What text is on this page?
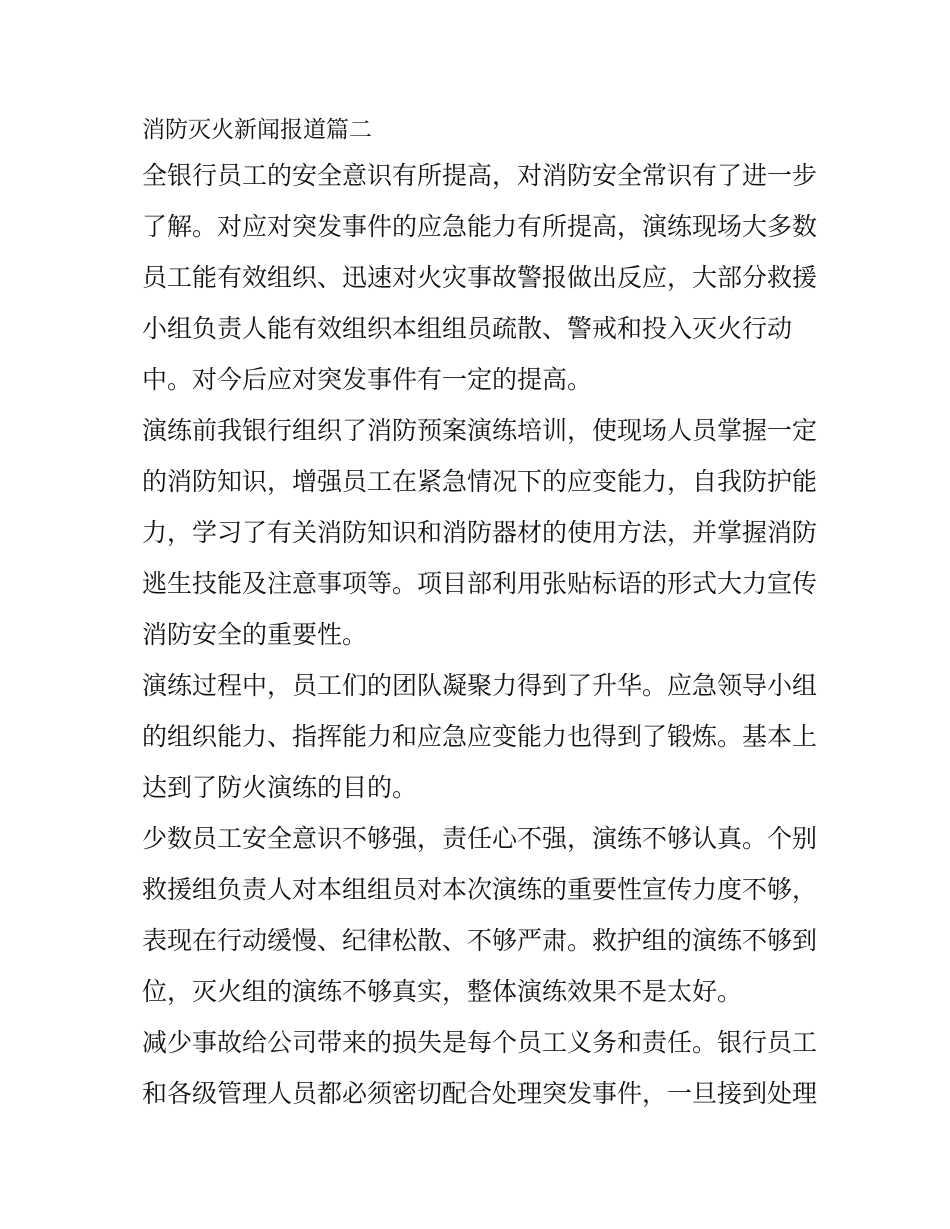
消防灭火新闻报道篇二

全银行员工的安全意识有所提高，对消防安全常识有了进一步
了解。对应对突发事件的应急能力有所提高，演练现场大多数
员工能有效组织、迅速对火灾事故警报做出反应，大部分救援
小组负责人能有效组织本组组员疏散、警戒和投入灭火行动
中。对今后应对突发事件有一定的提高。

演练前我银行组织了消防预案演练培训，使现场人员掌握一定
的消防知识，增强员工在紧急情况下的应变能力，自我防护能
力，学习了有关消防知识和消防器材的使用方法，并掌握消防
逃生技能及注意事项等。项目部利用张贴标语的形式大力宣传
消防安全的重要性。

演练过程中，员工们的团队凝聚力得到了升华。应急领导小组
的组织能力、指挥能力和应急应变能力也得到了锻炼。基本上
达到了防火演练的目的。

少数员工安全意识不够强，责任心不强，演练不够认真。个别
救援组负责人对本组组员对本次演练的重要性宣传力度不够，
表现在行动缓慢、纪律松散、不够严肃。救护组的演练不够到
位，灭火组的演练不够真实，整体演练效果不是太好。

减少事故给公司带来的损失是每个员工义务和责任。银行员工
和各级管理人员都必须密切配合处理突发事件，一旦接到处理
